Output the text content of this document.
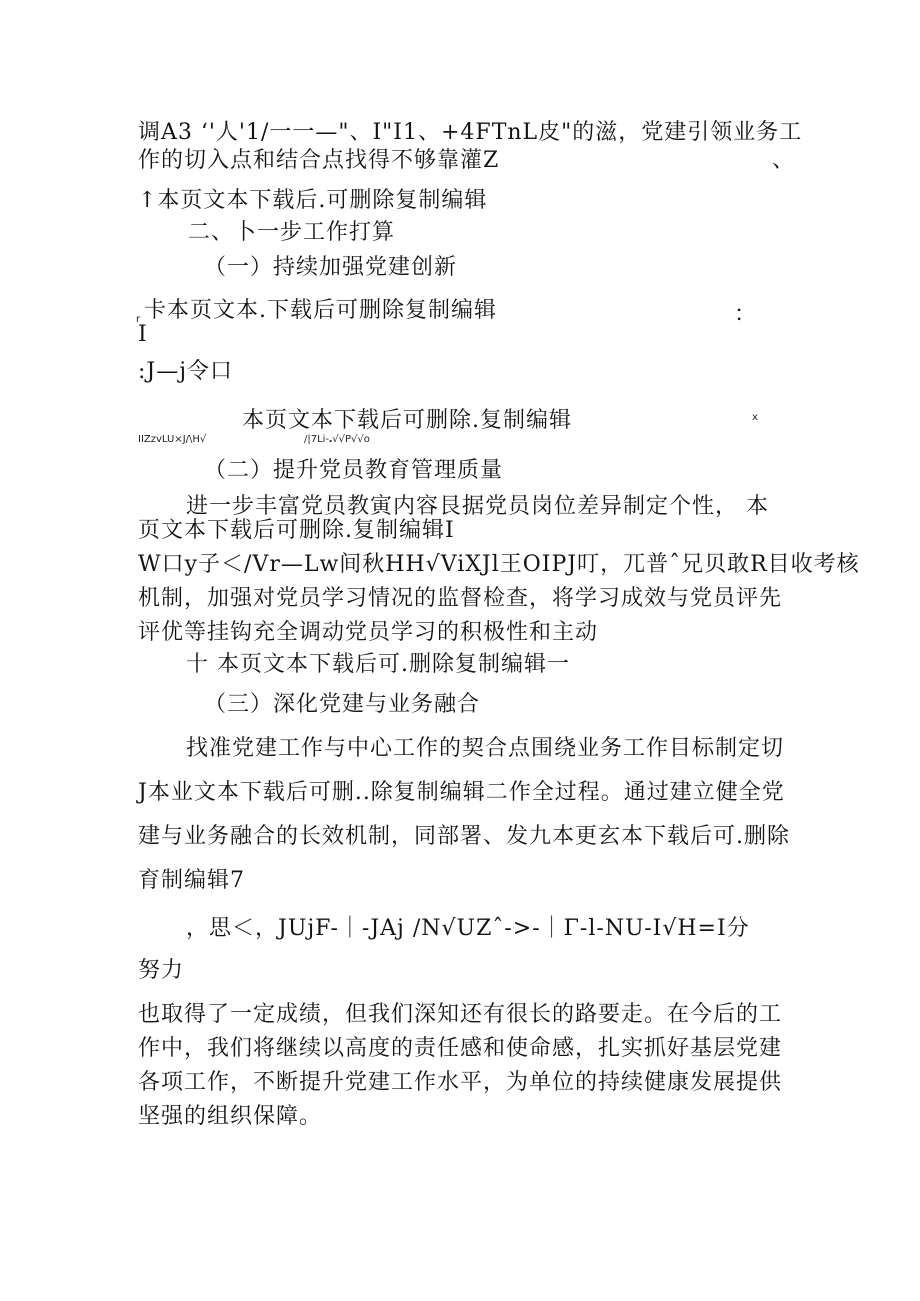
调A3 ‘'人'1/一一—"、I"I1、+4FTnL皮"的滋，党建引领业务工
作的切入点和结合点找得不够靠灌Z	、
↑本页文本下载后.可删除复制编辑
二、卜一步工作打算
（一）持续加强党建创新
r 卡本页文本.下载后可删除复制编辑	：
I
:J—j令口
本页文本下载后可删除.复制编辑	x
IIZzvLU×J/\H√	/|7Li-𝅘√√P√√o
（二）提升党员教育管理质量
进一步丰富党员教寅内容艮据党员岗位差异制定个性， 本
页文本下载后可删除.复制编辑I
W口y子＜/Vr—Lw间秋HH√ViXJl王OIPJ叮，兀普ˆ兄贝敢R目收考核
机制，加强对党员学习情况的监督检查，将学习成效与党员评先
评优等挂钩充全调动党员学习的积极性和主动
十 本页文本下载后可.删除复制编辑一
（三）深化党建与业务融合
找准党建工作与中心工作的契合点围绕业务工作目标制定切
J本业文本下载后可删..除复制编辑二作全过程。通过建立健全党
建与业务融合的长效机制，同部署、发九本更玄本下载后可.删除
育制编辑7
，思＜，JUjF-｜-JAj /N√UZˆ->-｜Γ-l-NU-I√H=I分
努力
也取得了一定成绩，但我们深知还有很长的路要走。在今后的工
作中，我们将继续以高度的责任感和使命感，扎实抓好基层党建
各项工作，不断提升党建工作水平，为单位的持续健康发展提供
坚强的组织保障。
